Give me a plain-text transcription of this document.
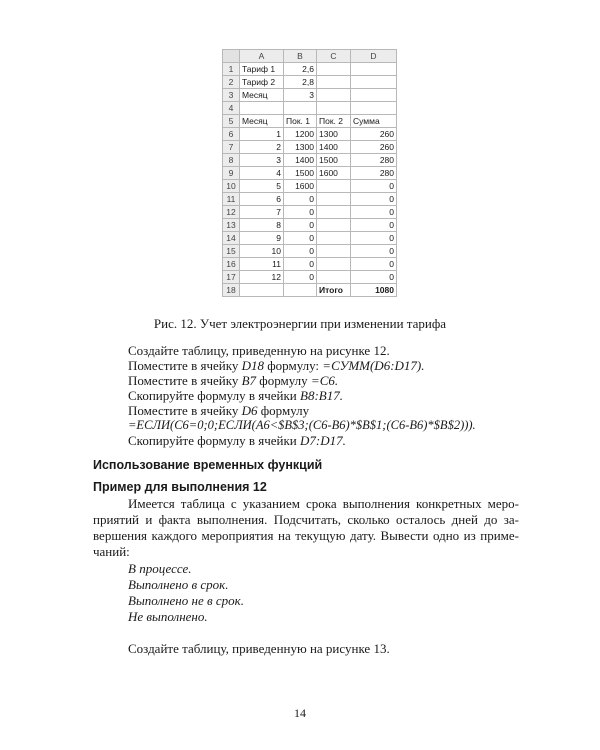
	A	B	C	D
1	Тариф 1	2,6		
2	Тариф 2	2,8		
3	Месяц	3		
4				
5	Месяц	Пок. 1	Пок. 2	Сумма
6	1	1200	1300	260
7	2	1300	1400	260
8	3	1400	1500	280
9	4	1500	1600	280
10	5	1600		0
11	6	0		0
12	7	0		0
13	8	0		0
14	9	0		0
15	10	0		0
16	11	0		0
17	12	0		0
18			Итого	1080
Рис. 12. Учет электроэнергии при изменении тарифа
Создайте таблицу, приведенную на рисунке 12.
Поместите в ячейку D18 формулу: =СУММ(D6:D17).
Поместите в ячейку B7 формулу =C6.
Скопируйте формулу в ячейки B8:B17.
Поместите в ячейку D6 формулу
=ЕСЛИ(C6=0;0;ЕСЛИ(A6<$B$3;(C6-B6)*$B$1;(C6-B6)*$B$2))).
Скопируйте формулу в ячейки D7:D17.
Использование временных функций
Пример для выполнения 12
Имеется таблица с указанием срока выполнения конкретных меро-
приятий и факта выполнения. Подсчитать, сколько осталось дней до за-
вершения каждого мероприятия на текущую дату. Вывести одно из приме-
чаний:
В процессе.
Выполнено в срок.
Выполнено не в срок.
Не выполнено.
Создайте таблицу, приведенную на рисунке 13.
14
